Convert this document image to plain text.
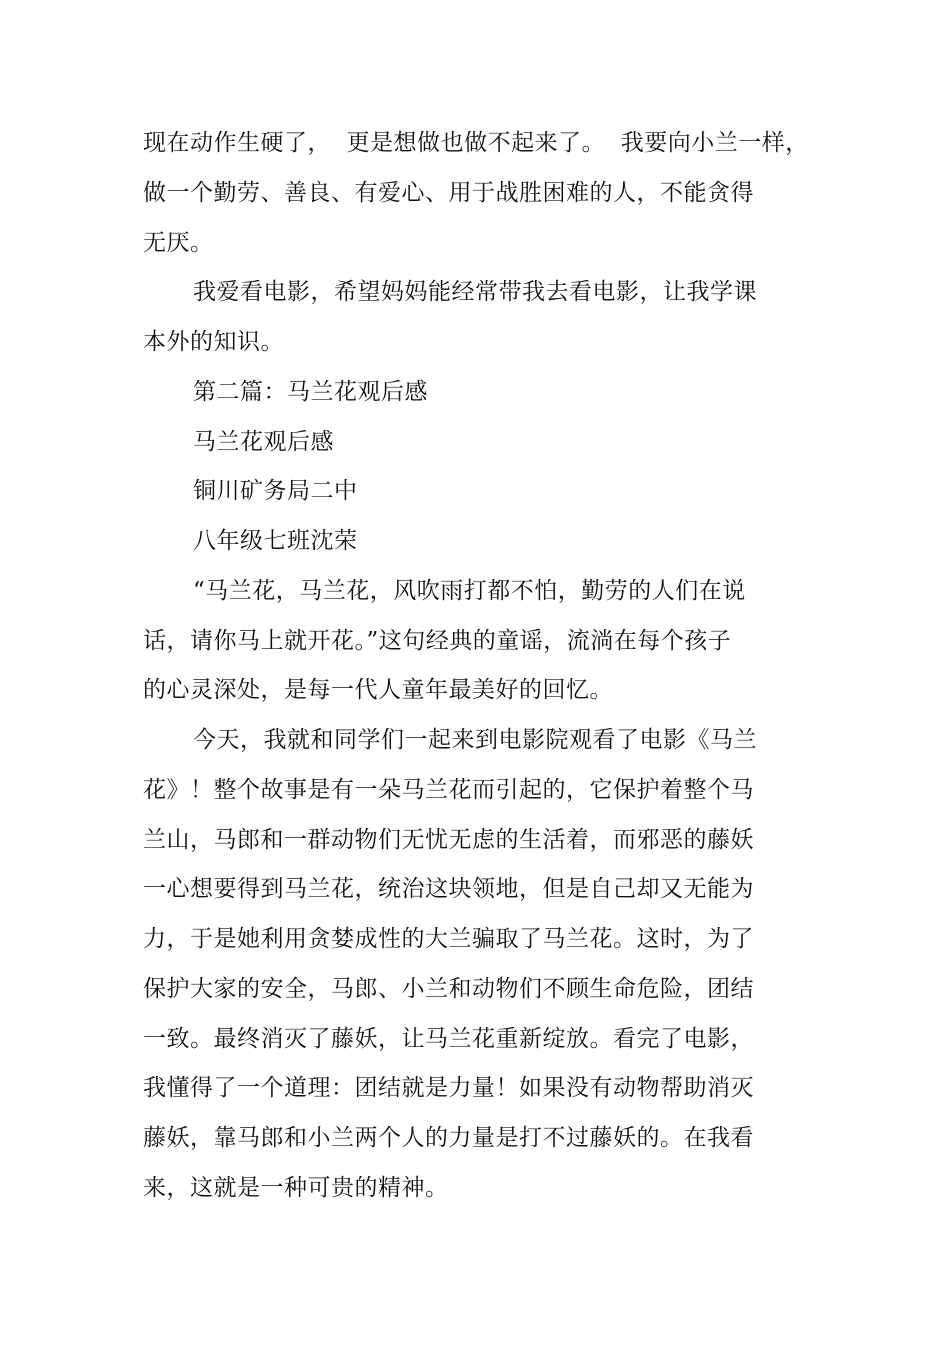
现在动作生硬了，  更是想做也做不起来了。  我要向小兰一样，
做一个勤劳、善良、有爱心、用于战胜困难的人，不能贪得
无厌。
我爱看电影，希望妈妈能经常带我去看电影，让我学课
本外的知识。
第二篇：马兰花观后感
马兰花观后感
铜川矿务局二中
八年级七班沈荣
“马兰花，马兰花，风吹雨打都不怕，勤劳的人们在说
话，请你马上就开花。”这句经典的童谣，流淌在每个孩子
的心灵深处，是每一代人童年最美好的回忆。
今天，我就和同学们一起来到电影院观看了电影《马兰
花》！整个故事是有一朵马兰花而引起的，它保护着整个马
兰山，马郎和一群动物们无忧无虑的生活着，而邪恶的藤妖
一心想要得到马兰花，统治这块领地，但是自己却又无能为
力，于是她利用贪婪成性的大兰骗取了马兰花。这时，为了
保护大家的安全，马郎、小兰和动物们不顾生命危险，团结
一致。最终消灭了藤妖，让马兰花重新绽放。看完了电影，
我懂得了一个道理：团结就是力量！如果没有动物帮助消灭
藤妖，靠马郎和小兰两个人的力量是打不过藤妖的。在我看
来，这就是一种可贵的精神。
